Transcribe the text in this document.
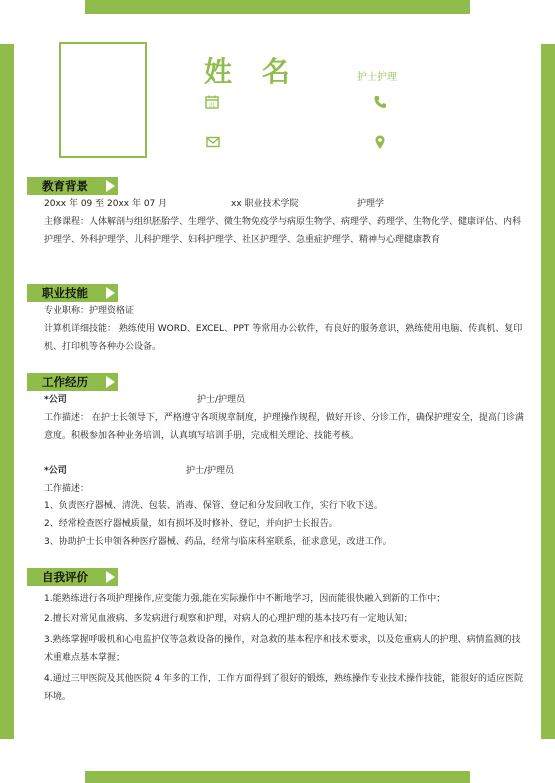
姓 名	护士护理
31
教育背景
20xx 年 09 至 20xx 年 07 月	xx 职业技术学院	护理学
主修课程：人体解剖与组织胚胎学、生理学、微生物免疫学与病原生物学、病理学、药理学、生物化学、健康评估、内科护理学、外科护理学、儿科护理学、妇科护理学、社区护理学、急重症护理学、精神与心理健康教育
职业技能
专业职称：护理资格证
计算机详细技能： 熟练使用 WORD、EXCEL、PPT 等常用办公软件，有良好的服务意识，熟练使用电脑、传真机、复印机、打印机等各种办公设备。
工作经历
*公司	护士/护理员
工作描述： 在护士长领导下，严格遵守各项规章制度，护理操作规程，做好开诊、分诊工作，确保护理安全，提高门诊满意度。积极参加各种业务培训，认真填写培训手册，完成相关理论、技能考核。
*公司	护士/护理员
工作描述：
1、负责医疗器械、清洗、包装、消毒、保管、登记和分发回收工作，实行下收下送。
2、经常检查医疗器械质量，如有损坏及时修补、登记，并向护士长报告。
3、协助护士长申领各种医疗器械、药品，经常与临床科室联系，征求意见，改进工作。
自我评价
1.能熟练进行各项护理操作,应变能力强,能在实际操作中不断地学习，因而能很快融入到新的工作中；
2.擅长对常见血液病、多发病进行观察和护理，对病人的心理护理的基本技巧有一定地认知；
3.熟练掌握呼吸机和心电监护仪等急救设备的操作，对急救的基本程序和技术要求，以及危重病人的护理、病情监测的技术重难点基本掌握；
4.通过三甲医院及其他医院 4 年多的工作，工作方面得到了很好的锻炼，熟练操作专业技术操作技能，能很好的适应医院环境。
